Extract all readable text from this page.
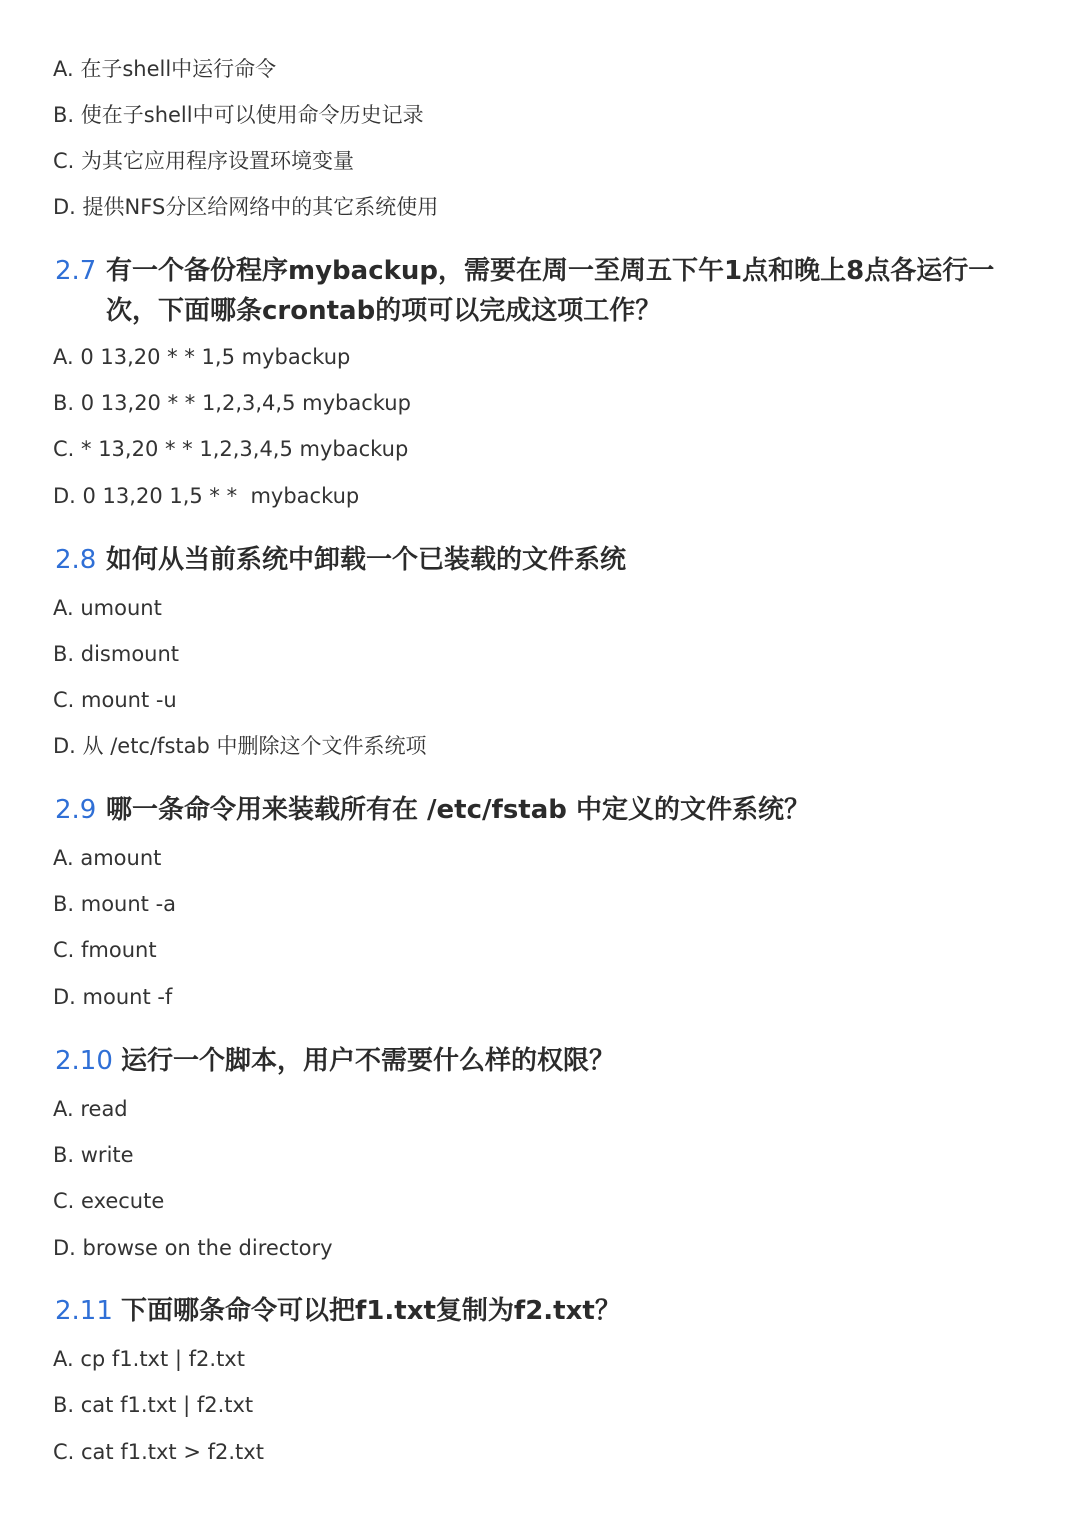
A. 在子shell中运行命令
B. 使在子shell中可以使用命令历史记录
C. 为其它应用程序设置环境变量
D. 提供NFS分区给网络中的其它系统使用
2.7 有一个备份程序mybackup，需要在周一至周五下午1点和晚上8点各运行一次，下面哪条crontab的项可以完成这项工作？
A. 0 13,20 * * 1,5 mybackup
B. 0 13,20 * * 1,2,3,4,5 mybackup
C. * 13,20 * * 1,2,3,4,5 mybackup
D. 0 13,20 1,5 * *  mybackup
2.8 如何从当前系统中卸载一个已装载的文件系统
A. umount
B. dismount
C. mount -u
D. 从 /etc/fstab 中删除这个文件系统项
2.9 哪一条命令用来装载所有在 /etc/fstab 中定义的文件系统？
A. amount
B. mount -a
C. fmount
D. mount -f
2.10 运行一个脚本，用户不需要什么样的权限？
A. read
B. write
C. execute
D. browse on the directory
2.11 下面哪条命令可以把f1.txt复制为f2.txt？
A. cp f1.txt | f2.txt
B. cat f1.txt | f2.txt
C. cat f1.txt > f2.txt
